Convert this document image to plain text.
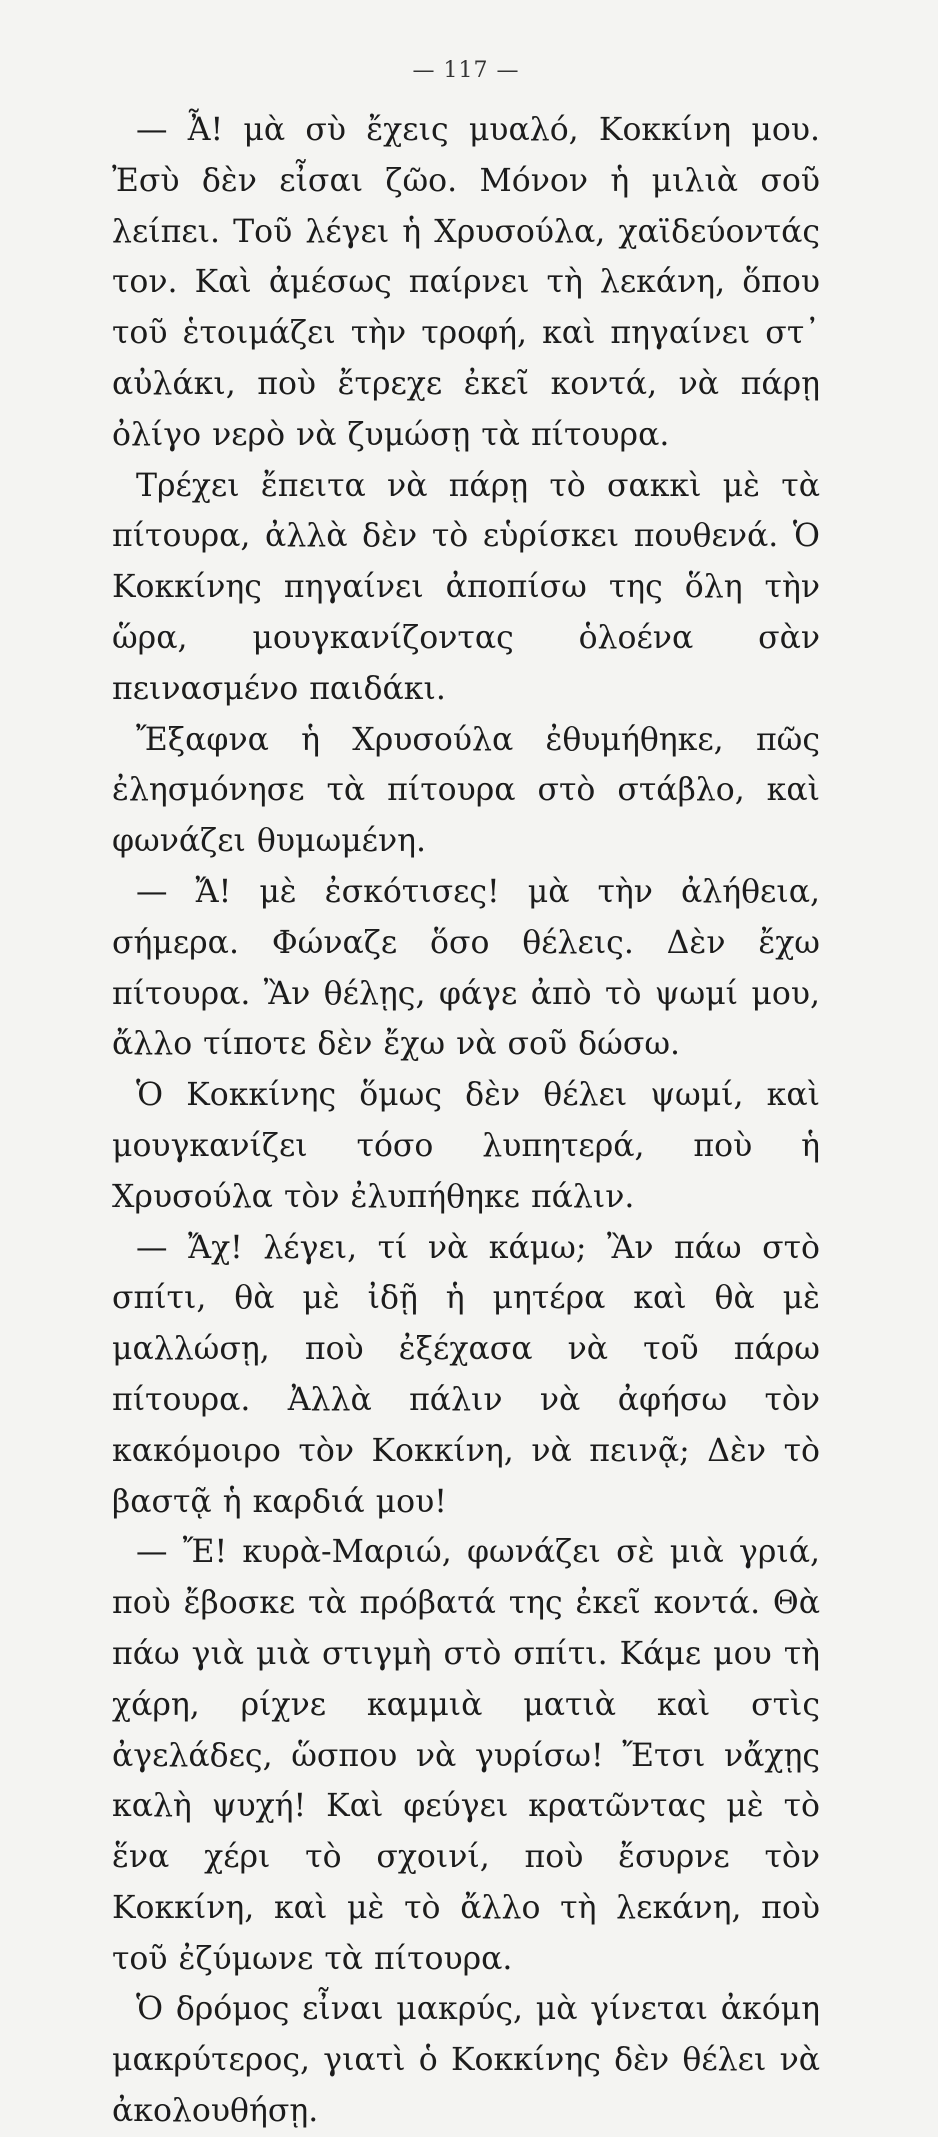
— 117 —

— Ἆ! μὰ σὺ ἔχεις μυαλό, Κοκκίνη μου. Ἐσὺ δὲν εἶσαι ζῶο. Μόνον ἡ μιλιὰ σοῦ λείπει. Τοῦ λέγει ἡ Χρυσούλα, χαϊδεύοντάς τον. Καὶ ἀμέσως παίρνει τὴ λεκάνη, ὅπου τοῦ ἑτοιμάζει τὴν τροφή, καὶ πηγαίνει στ᾿ αὐλάκι, ποὺ ἔτρεχε ἐκεῖ κοντά, νὰ πάρῃ ὀλίγο νερὸ νὰ ζυμώσῃ τὰ πίτουρα.

Τρέχει ἔπειτα νὰ πάρῃ τὸ σακκὶ μὲ τὰ πίτουρα, ἀλλὰ δὲν τὸ εὑρίσκει πουθενά. Ὁ Κοκκίνης πηγαίνει ἀποπίσω της ὅλη τὴν ὥρα, μουγκανίζοντας ὁλοένα σὰν πεινασμένο παιδάκι.

Ἔξαφνα ἡ Χρυσούλα ἐθυμήθηκε, πῶς ἐλησμόνησε τὰ πίτουρα στὸ στάβλο, καὶ φωνάζει θυμωμένη.

— Ἄ! μὲ ἐσκότισες! μὰ τὴν ἀλήθεια, σήμερα. Φώναζε ὅσο θέλεις. Δὲν ἔχω πίτουρα. Ἂν θέλῃς, φάγε ἀπὸ τὸ ψωμί μου, ἄλλο τίποτε δὲν ἔχω νὰ σοῦ δώσω.

Ὁ Κοκκίνης ὅμως δὲν θέλει ψωμί, καὶ μουγκανίζει τόσο λυπητερά, ποὺ ἡ Χρυσούλα τὸν ἐλυπήθηκε πάλιν.

— Ἄχ! λέγει, τί νὰ κάμω; Ἂν πάω στὸ σπίτι, θὰ μὲ ἰδῇ ἡ μητέρα καὶ θὰ μὲ μαλλώσῃ, ποὺ ἐξέχασα νὰ τοῦ πάρω πίτουρα. Ἀλλὰ πάλιν νὰ ἀφήσω τὸν κακόμοιρο τὸν Κοκκίνη, νὰ πεινᾷ; Δὲν τὸ βαστᾷ ἡ καρδιά μου!

— Ἔ! κυρὰ-Μαριώ, φωνάζει σὲ μιὰ γριά, ποὺ ἔβοσκε τὰ πρόβατά της ἐκεῖ κοντά. Θὰ πάω γιὰ μιὰ στιγμὴ στὸ σπίτι. Κάμε μου τὴ χάρη, ρίχνε καμμιὰ ματιὰ καὶ στὶς ἀγελάδες, ὥσπου νὰ γυρίσω! Ἔτσι νἄχῃς καλὴ ψυχή! Καὶ φεύγει κρατῶντας μὲ τὸ ἕνα χέρι τὸ σχοινί, ποὺ ἔσυρνε τὸν Κοκκίνη, καὶ μὲ τὸ ἄλλο τὴ λεκάνη, ποὺ τοῦ ἐζύμωνε τὰ πίτουρα.

Ὁ δρόμος εἶναι μακρύς, μὰ γίνεται ἀκόμη μακρύτερος, γιατὶ ὁ Κοκκίνης δὲν θέλει νὰ ἀκολουθήσῃ.
